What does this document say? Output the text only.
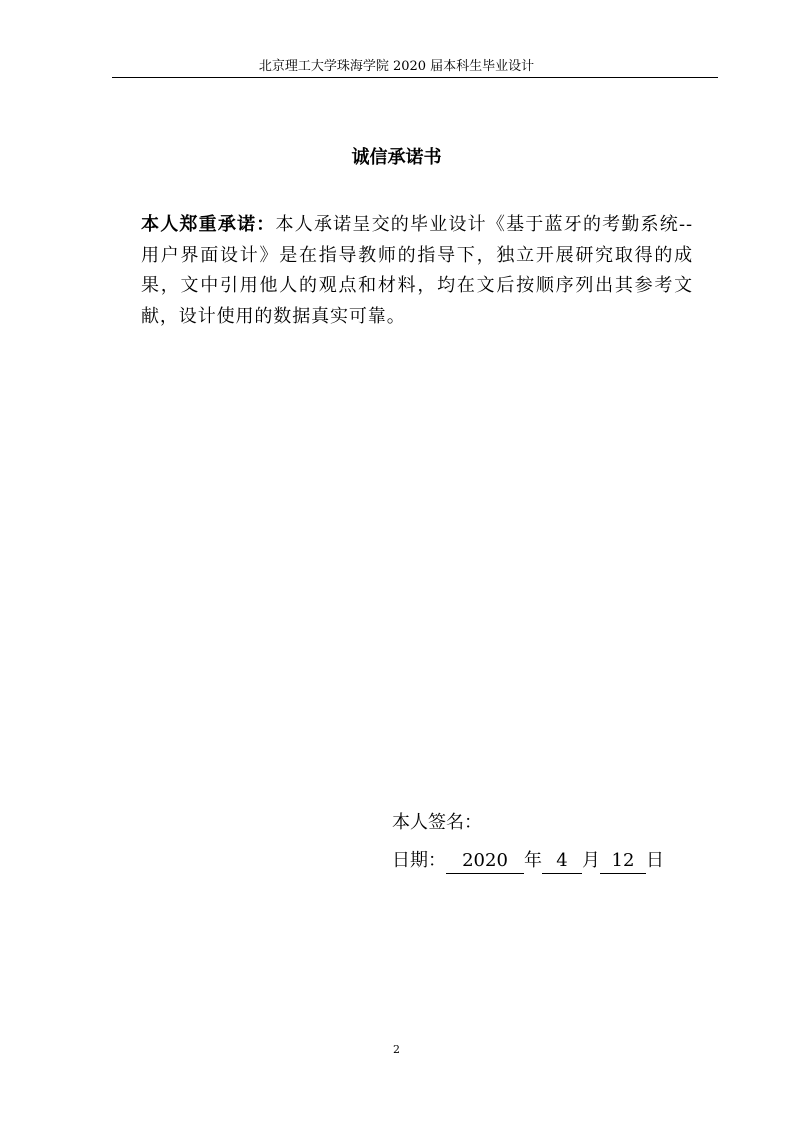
北京理工大学珠海学院 2020 届本科生毕业设计
诚信承诺书
本人郑重承诺：本人承诺呈交的毕业设计《基于蓝牙的考勤系统--用户界面设计》是在指导教师的指导下，独立开展研究取得的成果，文中引用他人的观点和材料，均在文后按顺序列出其参考文献，设计使用的数据真实可靠。
本人签名：
日期： 2020 年 4 月 12 日
2
